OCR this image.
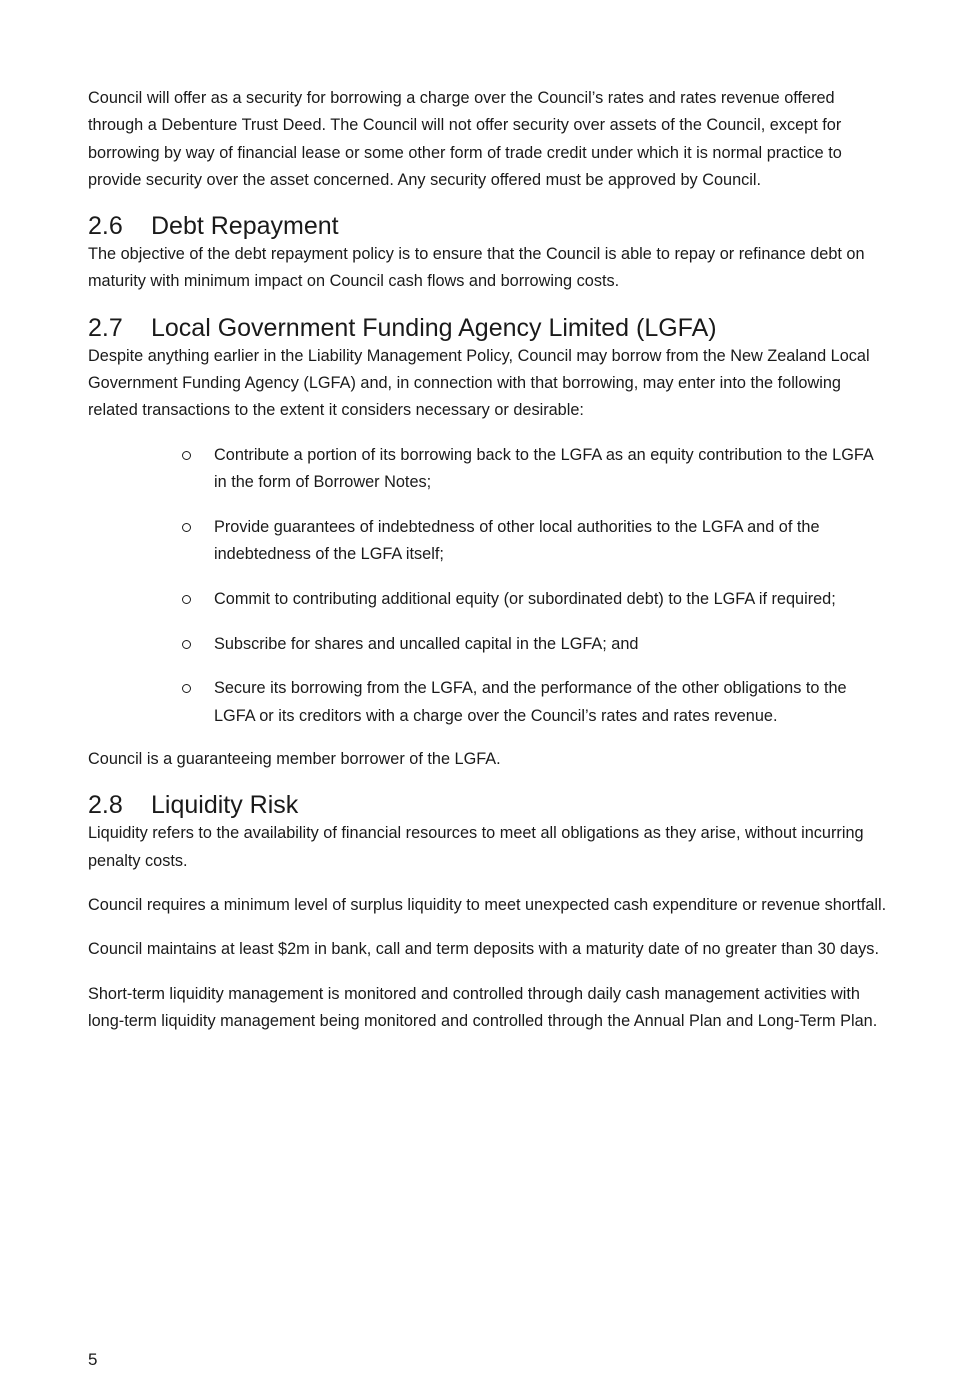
Council will offer as a security for borrowing a charge over the Council’s rates and rates revenue offered through a Debenture Trust Deed. The Council will not offer security over assets of the Council, except for borrowing by way of financial lease or some other form of trade credit under which it is normal practice to provide security over the asset concerned. Any security offered must be approved by Council.

2.6	Debt Repayment

The objective of the debt repayment policy is to ensure that the Council is able to repay or refinance debt on maturity with minimum impact on Council cash flows and borrowing costs.

2.7	Local Government Funding Agency Limited (LGFA)

Despite anything earlier in the Liability Management Policy, Council may borrow from the New Zealand Local Government Funding Agency (LGFA) and, in connection with that borrowing, may enter into the following related transactions to the extent it considers necessary or desirable:

Contribute a portion of its borrowing back to the LGFA as an equity contribution to the LGFA in the form of Borrower Notes;
Provide guarantees of indebtedness of other local authorities to the LGFA and of the indebtedness of the LGFA itself;
Commit to contributing additional equity (or subordinated debt) to the LGFA if required;
Subscribe for shares and uncalled capital in the LGFA; and
Secure its borrowing from the LGFA, and the performance of the other obligations to the LGFA or its creditors with a charge over the Council’s rates and rates revenue.

Council is a guaranteeing member borrower of the LGFA.

2.8	Liquidity Risk

Liquidity refers to the availability of financial resources to meet all obligations as they arise, without incurring penalty costs.

Council requires a minimum level of surplus liquidity to meet unexpected cash expenditure or revenue shortfall.

Council maintains at least $2m in bank, call and term deposits with a maturity date of no greater than 30 days.

Short-term liquidity management is monitored and controlled through daily cash management activities with long-term liquidity management being monitored and controlled through the Annual Plan and Long-Term Plan.

5
